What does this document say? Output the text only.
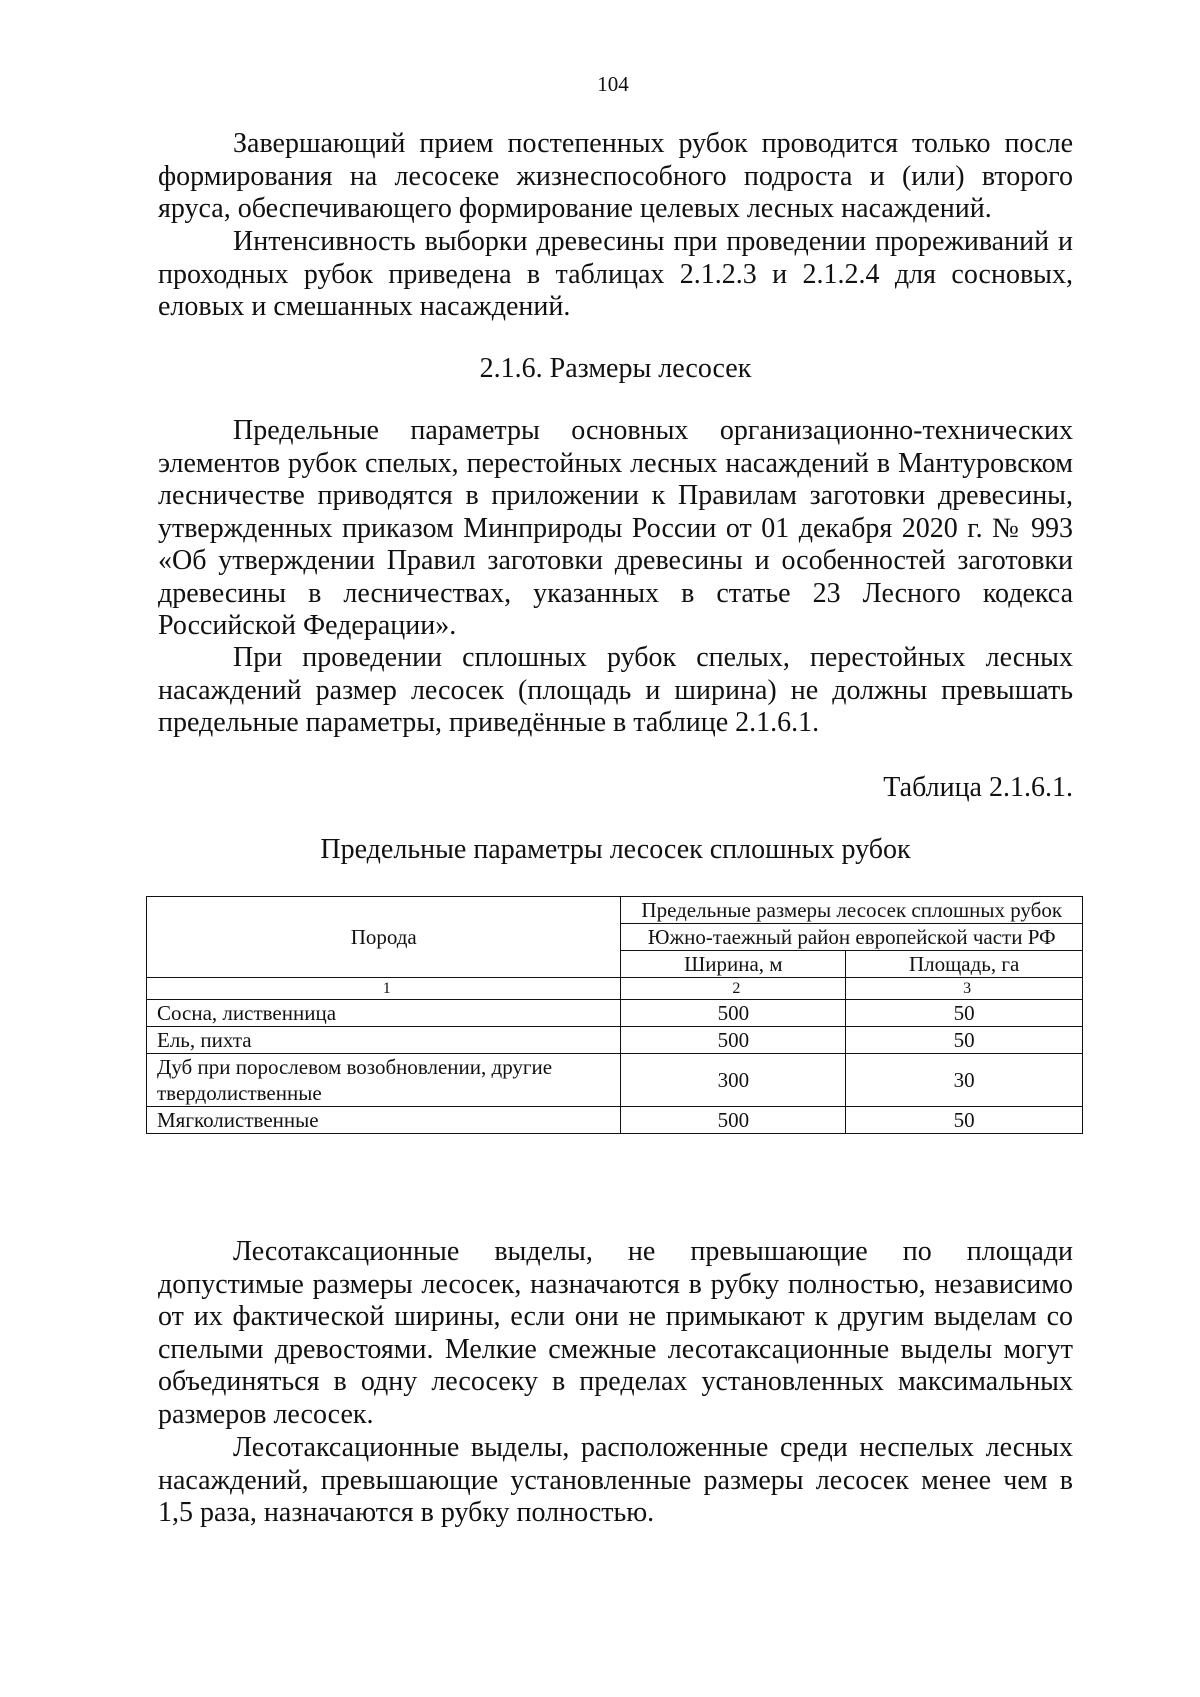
104

Завершающий прием постепенных рубок проводится только после формирования на лесосеке жизнеспособного подроста и (или) второго яруса, обеспечивающего формирование целевых лесных насаждений.

Интенсивность выборки древесины при проведении прореживаний и проходных рубок приведена в таблицах 2.1.2.3 и 2.1.2.4 для сосновых, еловых и смешанных насаждений.

2.1.6. Размеры лесосек

Предельные параметры основных организационно-технических элементов рубок спелых, перестойных лесных насаждений в Мантуровском лесничестве приводятся в приложении к Правилам заготовки древесины, утвержденных приказом Минприроды России от 01 декабря 2020 г. № 993 «Об утверждении Правил заготовки древесины и особенностей заготовки древесины в лесничествах, указанных в статье 23 Лесного кодекса Российской Федерации».

При проведении сплошных рубок спелых, перестойных лесных насаждений размер лесосек (площадь и ширина) не должны превышать предельные параметры, приведённые в таблице 2.1.6.1.

Таблица 2.1.6.1.

Предельные параметры лесосек сплошных рубок

Порода	Предельные размеры лесосек сплошных рубок	
	Южно-таежный район европейской части РФ	
	Ширина, м	Площадь, га
1	2	3
Сосна, лиственница	500	50
Ель, пихта	500	50
Дуб при порослевом возобновлении, другие твердолиственные	300	30
Мягколиственные	500	50

Лесотаксационные выделы, не превышающие по площади допустимые размеры лесосек, назначаются в рубку полностью, независимо от их фактической ширины, если они не примыкают к другим выделам со спелыми древостоями. Мелкие смежные лесотаксационные выделы могут объединяться в одну лесосеку в пределах установленных максимальных размеров лесосек.

Лесотаксационные выделы, расположенные среди неспелых лесных насаждений, превышающие установленные размеры лесосек менее чем в 1,5 раза, назначаются в рубку полностью.
